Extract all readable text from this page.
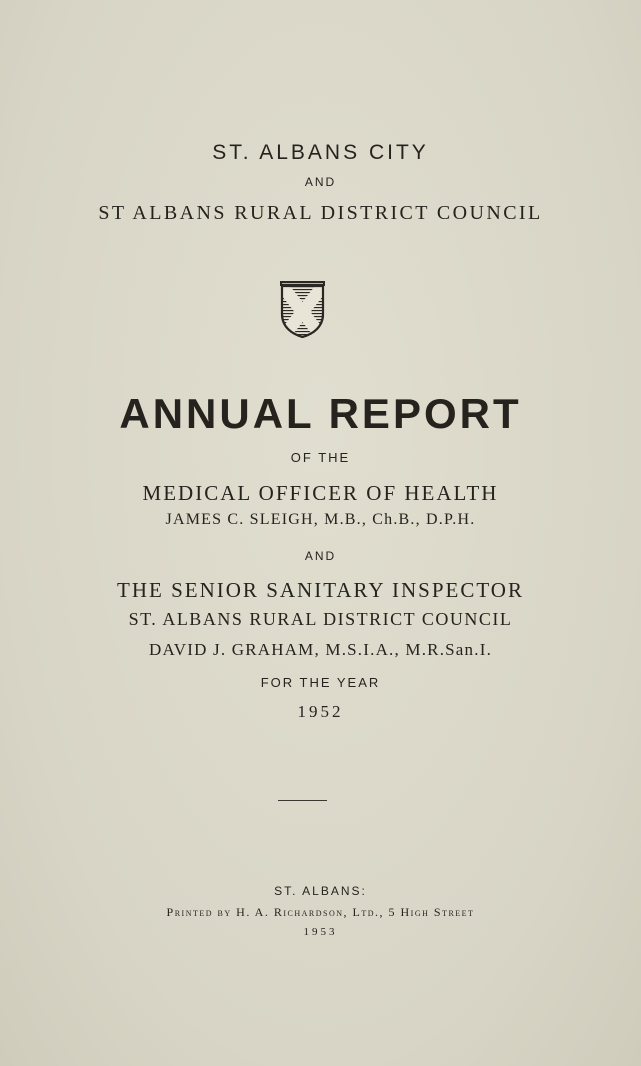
ST. ALBANS CITY
AND
ST ALBANS RURAL DISTRICT COUNCIL
ANNUAL REPORT
OF THE
MEDICAL OFFICER OF HEALTH
JAMES C. SLEIGH, M.B., Ch.B., D.P.H.
AND
THE SENIOR SANITARY INSPECTOR
ST. ALBANS RURAL DISTRICT COUNCIL
DAVID J. GRAHAM, M.S.I.A., M.R.San.I.
FOR THE YEAR
1952
ST. ALBANS:
Printed by H. A. Richardson, Ltd., 5 High Street
1953
